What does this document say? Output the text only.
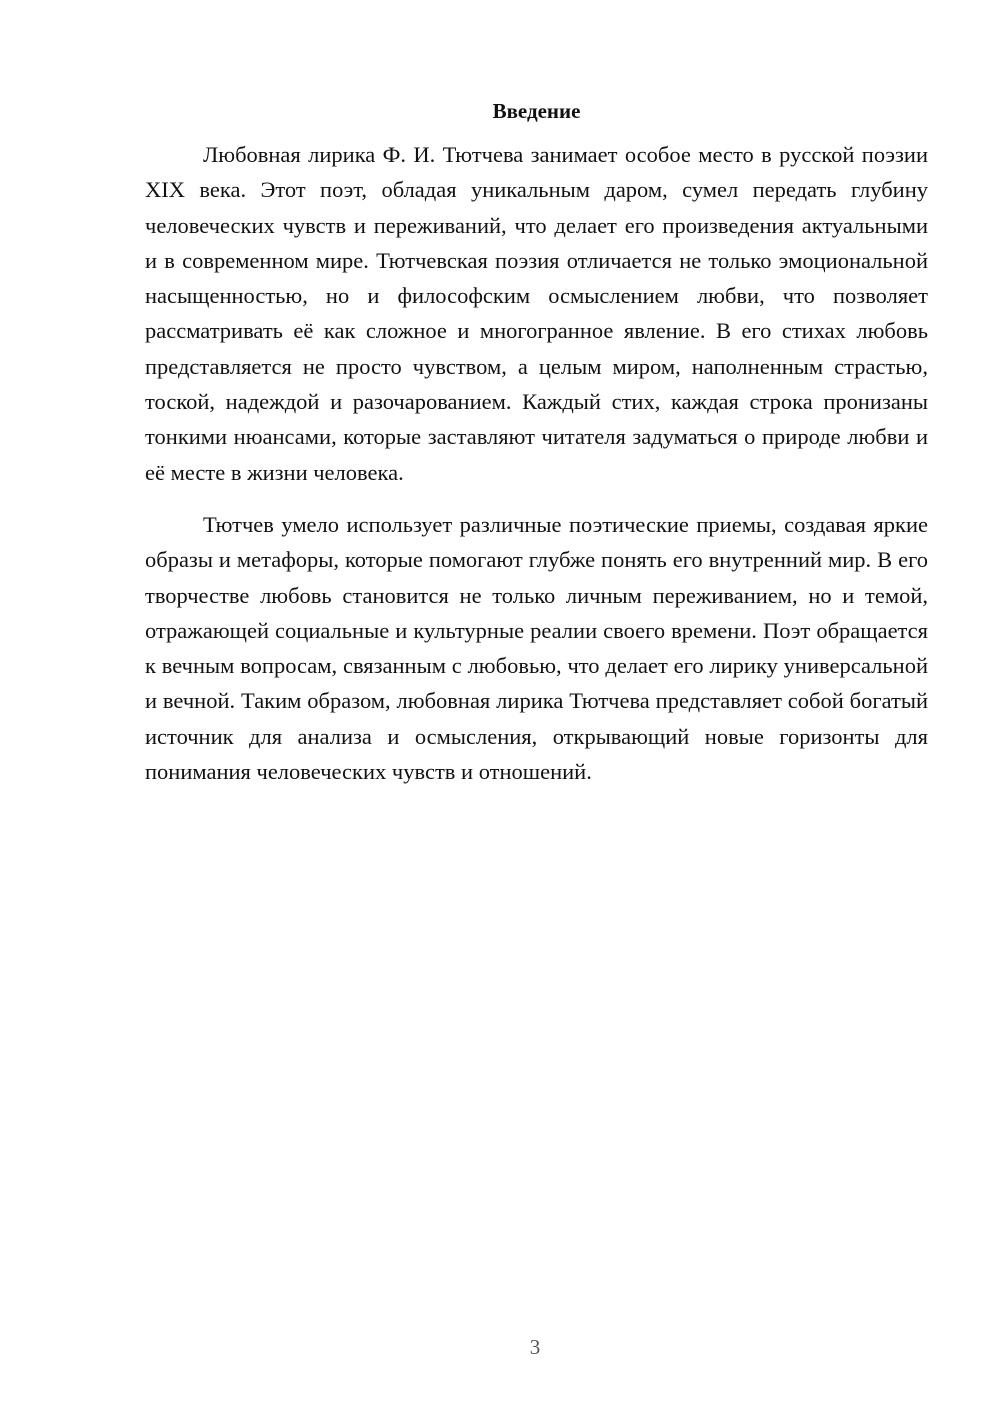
Введение

Любовная лирика Ф. И. Тютчева занимает особое место в русской поэзии XIX века. Этот поэт, обладая уникальным даром, сумел передать глубину человеческих чувств и переживаний, что делает его произведения актуальными и в современном мире. Тютчевская поэзия отличается не только эмоциональной насыщенностью, но и философским осмыслением любви, что позволяет рассматривать её как сложное и многогранное явление. В его стихах любовь представляется не просто чувством, а целым миром, наполненным страстью, тоской, надеждой и разочарованием. Каждый стих, каждая строка пронизаны тонкими нюансами, которые заставляют читателя задуматься о природе любви и её месте в жизни человека.

Тютчев умело использует различные поэтические приемы, создавая яркие образы и метафоры, которые помогают глубже понять его внутренний мир. В его творчестве любовь становится не только личным переживанием, но и темой, отражающей социальные и культурные реалии своего времени. Поэт обращается к вечным вопросам, связанным с любовью, что делает его лирику универсальной и вечной. Таким образом, любовная лирика Тютчева представляет собой богатый источник для анализа и осмысления, открывающий новые горизонты для понимания человеческих чувств и отношений.

3
